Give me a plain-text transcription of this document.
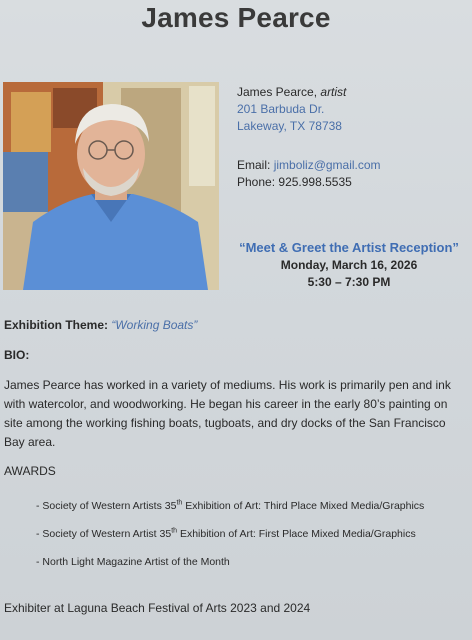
James Pearce
James Pearce, artist
201 Barbuda Dr.
Lakeway, TX 78738
Email: jimboliz@gmail.com
Phone: 925.998.5535
“Meet & Greet the Artist Reception”
Monday, March 16, 2026
5:30 – 7:30 PM
Exhibition Theme: “Working Boats”
BIO:
James Pearce has worked in a variety of mediums. His work is primarily pen and ink with watercolor, and woodworking. He began his career in the early 80’s painting on site among the working fishing boats, tugboats, and dry docks of the San Francisco Bay area.
AWARDS
- Society of Western Artists 35th Exhibition of Art: Third Place Mixed Media/Graphics
- Society of Western Artist 35th Exhibition of Art: First Place Mixed Media/Graphics
- North Light Magazine Artist of the Month
Exhibiter at Laguna Beach Festival of Arts 2023 and 2024
